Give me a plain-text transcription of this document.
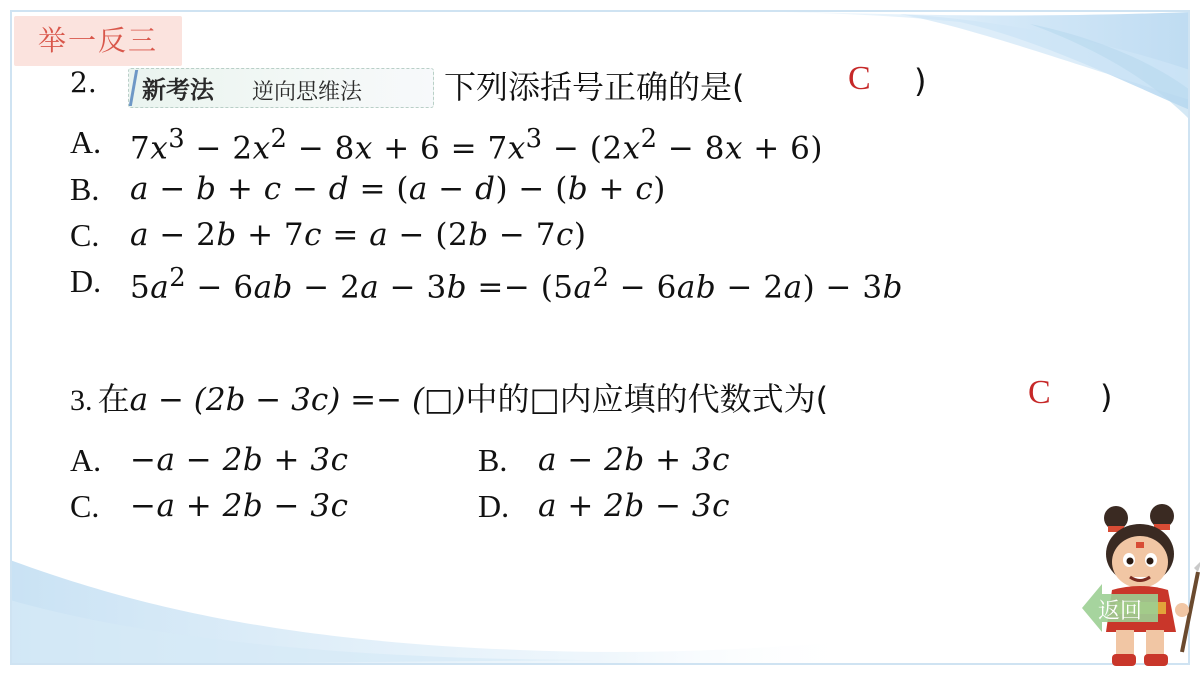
举一反三
2. 新考法 逆向思维法	下列添括号正确的是(	C )
A. $7x^3 - 2x^2 - 8x + 6 = 7x^3 - (2x^2 - 8x + 6)$
B. a − b + c − d = (a − d) − (b + c)
C. a − 2b + 7c = a − (2b − 7c)
D. $5a^2 - 6ab - 2a - 3b =- (5a^2 - 6ab - 2a) - 3b$
3. 在a − (2b − 3c) =− (□)中的□内应填的代数式为(	C )
A. −a − 2b + 3c	B. a − 2b + 3c
C. −a + 2b − 3c	D. a + 2b − 3c
返回
